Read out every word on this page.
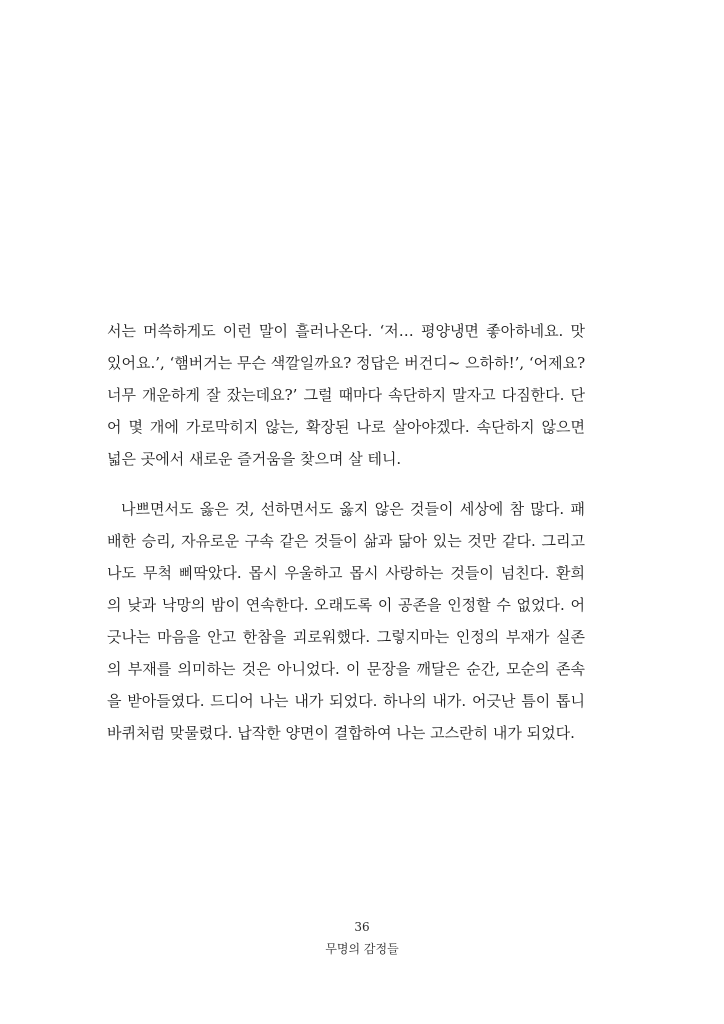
서는 머쓱하게도 이런 말이 흘러나온다. ‘저… 평양냉면 좋아하네요. 맛
있어요.’, ‘햄버거는 무슨 색깔일까요? 정답은 버건디~ 으하하!’, ‘어제요?
너무 개운하게 잘 잤는데요?’ 그럴 때마다 속단하지 말자고 다짐한다. 단
어 몇 개에 가로막히지 않는, 확장된 나로 살아야겠다. 속단하지 않으면
넓은 곳에서 새로운 즐거움을 찾으며 살 테니.

나쁘면서도 옳은 것, 선하면서도 옳지 않은 것들이 세상에 참 많다. 패
배한 승리, 자유로운 구속 같은 것들이 삶과 닮아 있는 것만 같다. 그리고
나도 무척 삐딱았다. 몹시 우울하고 몹시 사랑하는 것들이 넘친다. 환희
의 낮과 낙망의 밤이 연속한다. 오래도록 이 공존을 인정할 수 없었다. 어
긋나는 마음을 안고 한참을 괴로워했다. 그렇지마는 인정의 부재가 실존
의 부재를 의미하는 것은 아니었다. 이 문장을 깨달은 순간, 모순의 존속
을 받아들였다. 드디어 나는 내가 되었다. 하나의 내가. 어긋난 틈이 톱니
바퀴처럼 맞물렸다. 납작한 양면이 결합하여 나는 고스란히 내가 되었다.

36
무명의 감정들
